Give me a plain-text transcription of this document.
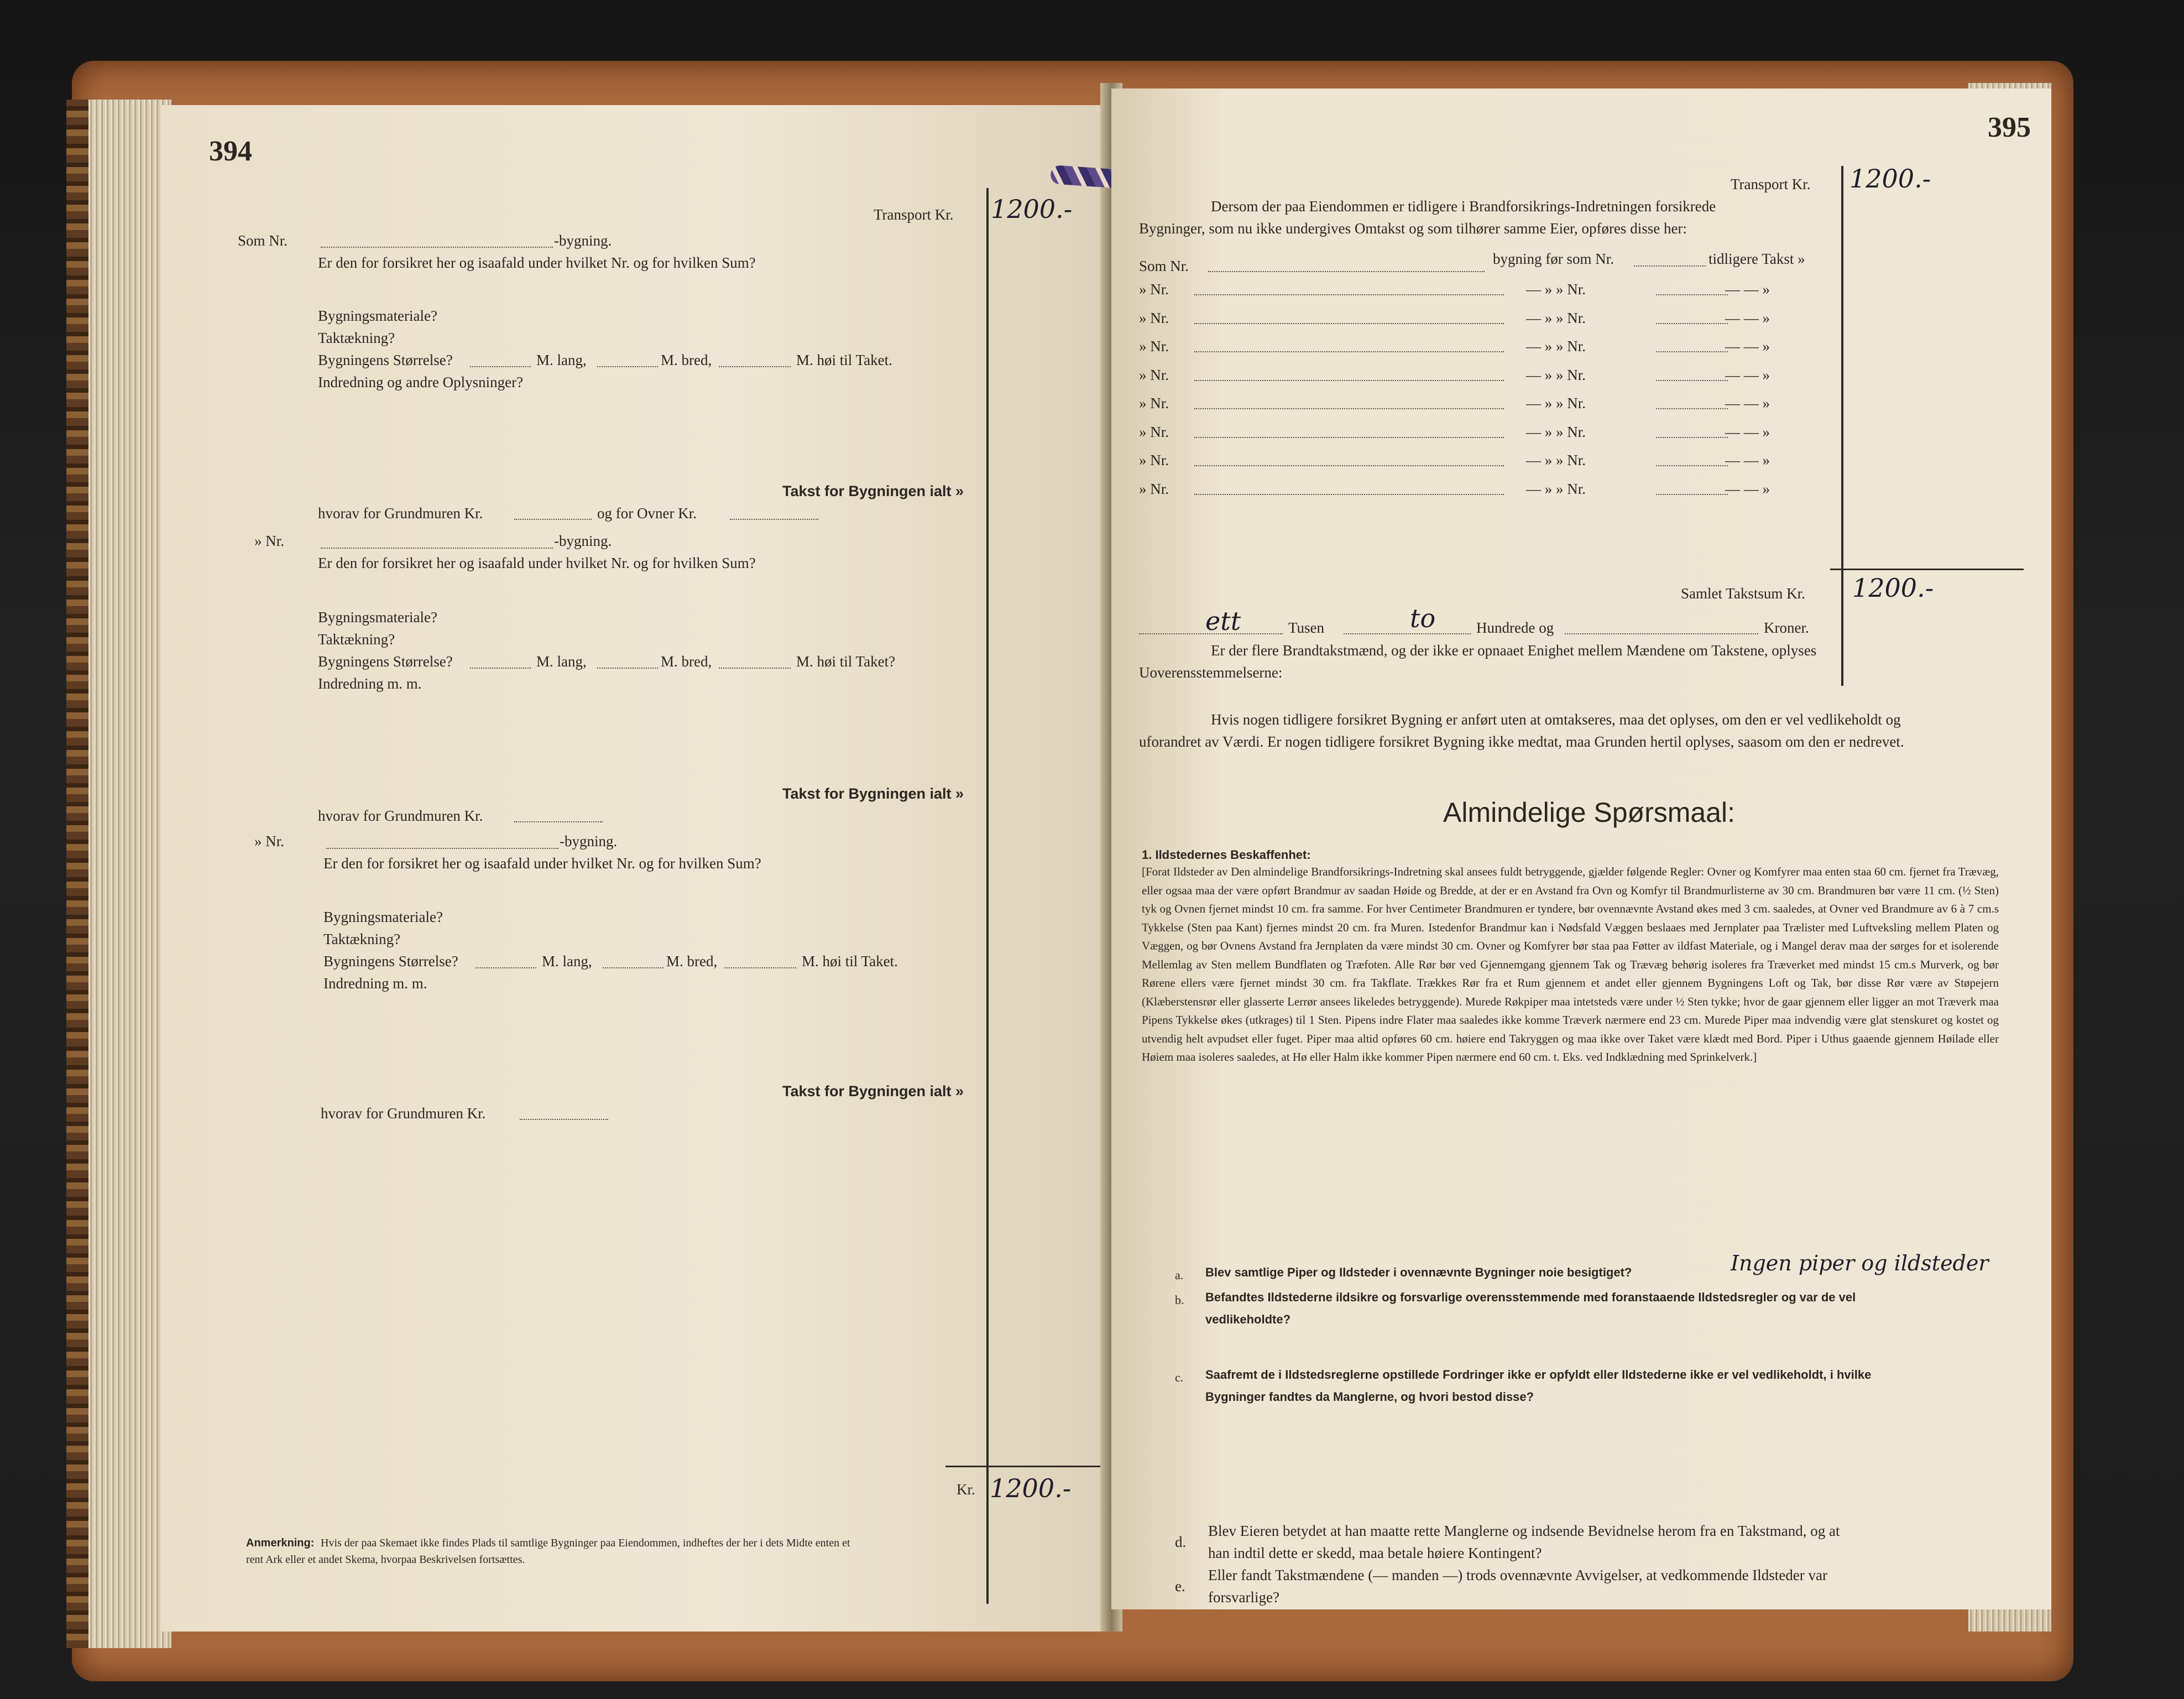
394
Transport Kr. 1200.-
Som Nr.	-bygning.
Er den for forsikret her og isaafald under hvilket Nr. og for hvilken Sum?
Bygningsmateriale?
Taktækning?
Bygningens Størrelse?	M. lang,	M. bred,	M. høi til Taket.
Indredning og andre Oplysninger?
Takst for Bygningen ialt »
hvorav for Grundmuren Kr.	og for Ovner Kr.
» Nr.	-bygning.
Er den for forsikret her og isaafald under hvilket Nr. og for hvilken Sum?
Bygningsmateriale?
Taktækning?
Bygningens Størrelse?	M. lang,	M. bred,	M. høi til Taket?
Indredning m. m.
Takst for Bygningen ialt »
hvorav for Grundmuren Kr.
» Nr.	-bygning.
Er den for forsikret her og isaafald under hvilket Nr. og for hvilken Sum?
Bygningsmateriale?
Taktækning?
Bygningens Størrelse?	M. lang,	M. bred,	M. høi til Taket.
Indredning m. m.
Takst for Bygningen ialt »
hvorav for Grundmuren Kr.
Kr. 1200.-
Anmerkning: Hvis der paa Skemaet ikke findes Plads til samtlige Bygninger paa Eiendommen, indheftes der her i dets Midte enten et
rent Ark eller et andet Skema, hvorpaa Beskrivelsen fortsættes.
395
Transport Kr. 1200.-
Dersom der paa Eiendommen er tidligere i Brandforsikrings-Indretningen forsikrede
Bygninger, som nu ikke undergives Omtakst og som tilhører samme Eier, opføres disse her:
Som Nr.	bygning før som Nr.	tidligere Takst »
» Nr.	— » » Nr.	— — »
» Nr.	— » » Nr.	— — »
» Nr.	— » » Nr.	— — »
» Nr.	— » » Nr.	— — »
» Nr.	— » » Nr.	— — »
» Nr.	— » » Nr.	— — »
» Nr.	— » » Nr.	— — »
» Nr.	— » » Nr.	— — »
Samlet Takstsum Kr. 1200.-
ett	Tusen	to	Hundrede og	Kroner.
Er der flere Brandtakstmænd, og der ikke er opnaaet Enighet mellem Mændene om Takstene, oplyses
Uoverensstemmelserne:
Hvis nogen tidligere forsikret Bygning er anført uten at omtakseres, maa det oplyses, om den er vel vedlikeholdt og
uforandret av Værdi. Er nogen tidligere forsikret Bygning ikke medtat, maa Grunden hertil oplyses, saasom om den er nedrevet.
Almindelige Spørsmaal:
1. Ildstedernes Beskaffenhet:
[Forat Ildsteder av Den almindelige Brandforsikrings-Indretning skal ansees fuldt betryggende, gjælder følgende Regler: Ovner og Komfyrer maa enten staa 60 cm. fjernet fra Trævæg, eller ogsaa maa der være opført Brandmur av saadan Høide og Bredde, at der er en Avstand fra Ovn og Komfyr til Brandmurlisterne av 30 cm. Brandmuren bør være 11 cm. (½ Sten) tyk og Ovnen fjernet mindst 10 cm. fra samme. For hver Centimeter Brandmuren er tyndere, bør ovennævnte Avstand økes med 3 cm. saaledes, at Ovner ved Brandmure av 6 à 7 cm.s Tykkelse (Sten paa Kant) fjernes mindst 20 cm. fra Muren. Istedenfor Brandmur kan i Nødsfald Væggen beslaaes med Jernplater paa Trælister med Luftveksling mellem Platen og Væggen, og bør Ovnens Avstand fra Jernplaten da være mindst 30 cm. Ovner og Komfyrer bør staa paa Føtter av ildfast Materiale, og i Mangel derav maa der sørges for et isolerende Mellemlag av Sten mellem Bundflaten og Træfoten. Alle Rør bør ved Gjennemgang gjennem Tak og Trævæg behørig isoleres fra Træverket med mindst 15 cm.s Murverk, og bør Rørene ellers være fjernet mindst 30 cm. fra Takflate. Trækkes Rør fra et Rum gjennem et andet eller gjennem Bygningens Loft og Tak, bør disse Rør være av Støpejern (Klæberstensrør eller glasserte Lerrør ansees likeledes betryggende). Murede Røkpiper maa intetsteds være under ½ Sten tykke; hvor de gaar gjennem eller ligger an mot Træverk maa Pipens Tykkelse økes (utkrages) til 1 Sten. Pipens indre Flater maa saaledes ikke komme Træverk nærmere end 23 cm. Murede Piper maa indvendig være glat stenskuret og kostet og utvendig helt avpudset eller fuget. Piper maa altid opføres 60 cm. høiere end Takryggen og maa ikke over Taket være klædt med Bord. Piper i Uthus gaaende gjennem Høilade eller Høiem maa isoleres saaledes, at Hø eller Halm ikke kommer Pipen nærmere end 60 cm. t. Eks. ved Indklædning med Sprinkelverk.]
a. Blev samtlige Piper og Ildsteder i ovennævnte Bygninger noie besigtiget?	Ingen piper og ildsteder
b. Befandtes Ildstederne ildsikre og forsvarlige overensstemmende med foranstaaende Ildstedsregler og var de vel
vedlikeholdte?
c. Saafremt de i Ildstedsreglerne opstillede Fordringer ikke er opfyldt eller Ildstederne ikke er vel vedlikeholdt, i hvilke
Bygninger fandtes da Manglerne, og hvori bestod disse?
d.
Blev Eieren betydet at han maatte rette Manglerne og indsende Bevidnelse herom fra en Takstmand, og at
han indtil dette er skedd, maa betale høiere Kontingent?
e.
Eller fandt Takstmændene (— manden —) trods ovennævnte Avvigelser, at vedkommende Ildsteder var
forsvarlige?
